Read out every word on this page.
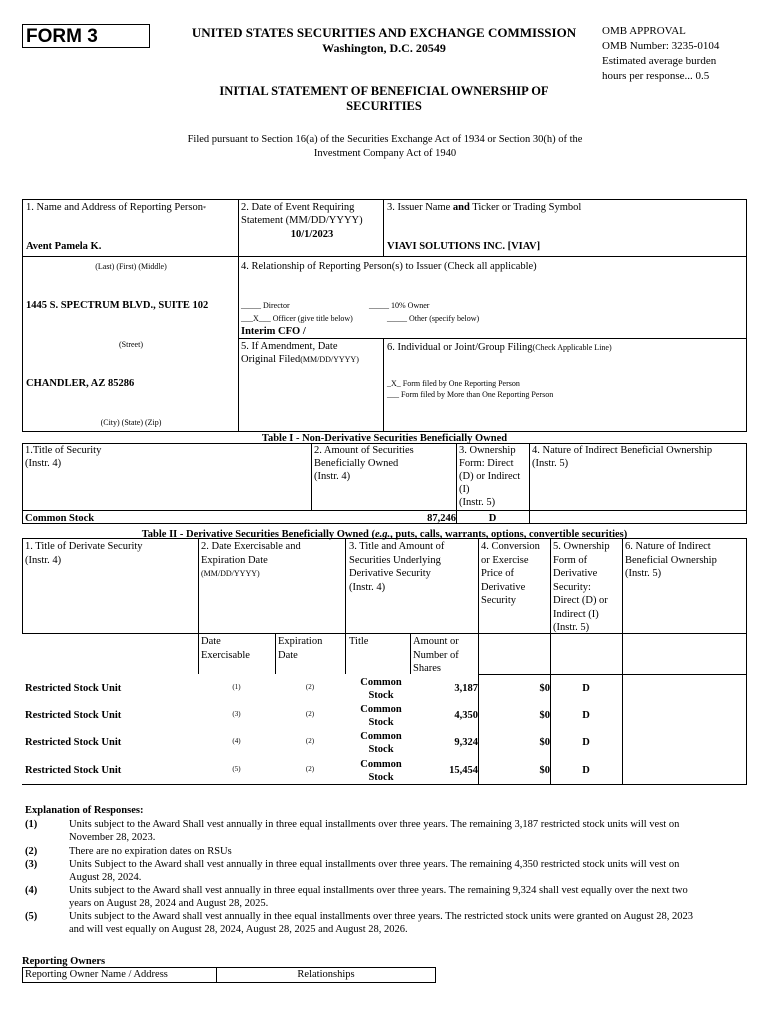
FORM 3	UNITED STATES SECURITIES AND EXCHANGE COMMISSION
Washington, D.C. 20549
OMB APPROVAL
OMB Number: 3235-0104
Estimated average burden
hours per response... 0.5
INITIAL STATEMENT OF BENEFICIAL OWNERSHIP OF
SECURITIES
Filed pursuant to Section 16(a) of the Securities Exchange Act of 1934 or Section 30(h) of the
Investment Company Act of 1940
1. Name and Address of Reporting Person*
Avent Pamela K.
(Last) (First) (Middle)
1445 S. SPECTRUM BLVD., SUITE 102
(Street)
CHANDLER, AZ 85286
(City) (State) (Zip)
2. Date of Event Requiring
Statement (MM/DD/YYYY)
10/1/2023
3. Issuer Name and Ticker or Trading Symbol
VIAVI SOLUTIONS INC. [VIAV]
4. Relationship of Reporting Person(s) to Issuer (Check all applicable)
_____ Director	_____ 10% Owner
___X___ Officer (give title below)	_____ Other (specify below)
Interim CFO /
5. If Amendment, Date
Original Filed(MM/DD/YYYY)
6. Individual or Joint/Group Filing(Check Applicable Line)
_X_ Form filed by One Reporting Person
___ Form filed by More than One Reporting Person
Table I - Non-Derivative Securities Beneficially Owned
1.Title of Security
(Instr. 4)
2. Amount of Securities
Beneficially Owned
(Instr. 4)
3. Ownership
Form: Direct
(D) or Indirect
(I)
(Instr. 5)
4. Nature of Indirect Beneficial Ownership
(Instr. 5)
Common Stock	87,246	D
Table II - Derivative Securities Beneficially Owned (e.g., puts, calls, warrants, options, convertible securities)
1. Title of Derivate Security
(Instr. 4)
2. Date Exercisable and
Expiration Date
(MM/DD/YYYY)
3. Title and Amount of
Securities Underlying
Derivative Security
(Instr. 4)
4. Conversion
or Exercise
Price of
Derivative
Security
5. Ownership
Form of
Derivative
Security:
Direct (D) or
Indirect (I)
(Instr. 5)
6. Nature of Indirect
Beneficial Ownership
(Instr. 5)
Date
Exercisable
Expiration
Date
Title	Amount or
Number of
Shares
Restricted Stock Unit	(1)	(2)	Common
Stock
3,187	$0	D
Restricted Stock Unit	(3)	(2)	Common
Stock
4,350	$0	D
Restricted Stock Unit	(4)	(2)	Common
Stock
9,324	$0	D
Restricted Stock Unit	(5)	(2)	Common
Stock
15,454	$0	D
Explanation of Responses:
(1)	Units subject to the Award Shall vest annually in three equal installments over three years. The remaining 3,187 restricted stock units will vest on
November 28, 2023.
(2)	There are no expiration dates on RSUs
(3)	Units Subject to the Award shall vest annually in three equal installments over three years. The remaining 4,350 restricted stock units will vest on
August 28, 2024.
(4)	Units subject to the Award shall vest annually in three equal installments over three years. The remaining 9,324 shall vest equally over the next two
years on August 28, 2024 and August 28, 2025.
(5)	Units subject to the Award shall vest annually in thee equal installments over three years. The restricted stock units were granted on August 28, 2023
and will vest equally on August 28, 2024, August 28, 2025 and August 28, 2026.
Reporting Owners
Reporting Owner Name / Address	Relationships
